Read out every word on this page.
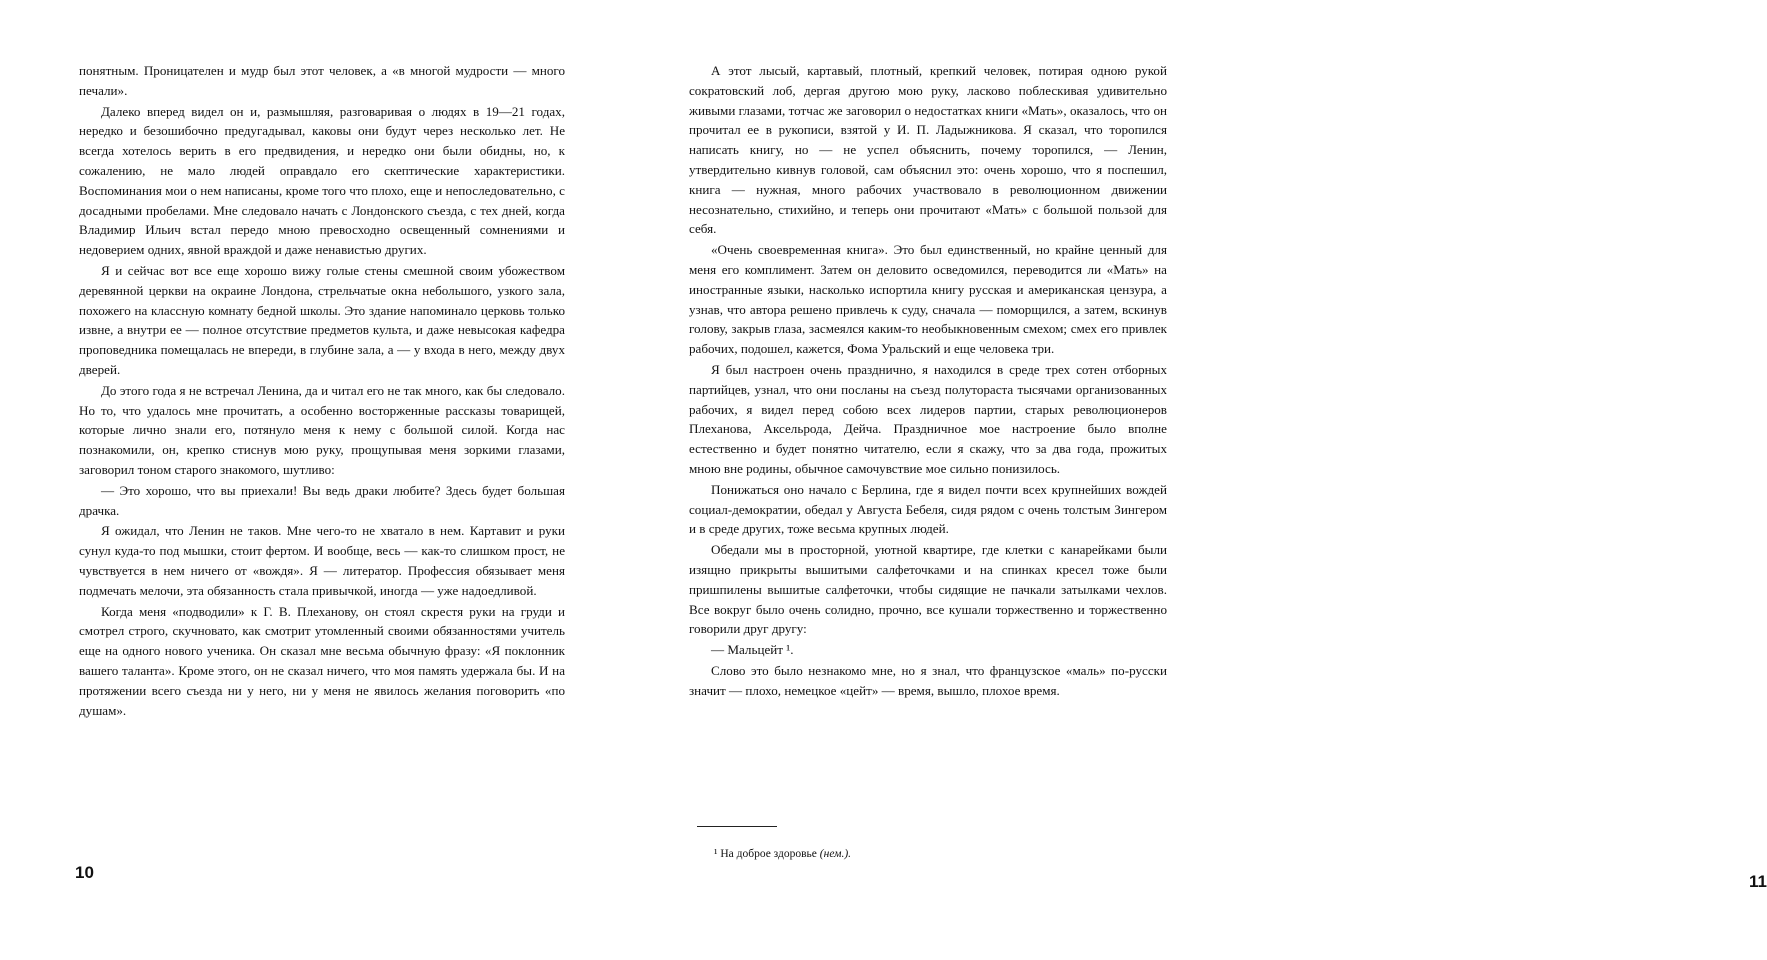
понятным. Проницателен и мудр был этот человек, а «в многой мудрости — много печали».

Далеко вперед видел он и, размышляя, разговаривая о людях в 19—21 годах, нередко и безошибочно предугадывал, каковы они будут через несколько лет. Не всегда хотелось верить в его предвидения, и нередко они были обидны, но, к сожалению, не мало людей оправдало его скептические характеристики. Воспоминания мои о нем написаны, кроме того что плохо, еще и непоследовательно, с досадными пробелами. Мне следовало начать с Лондонского съезда, с тех дней, когда Владимир Ильич встал передо мною превосходно освещенный сомнениями и недоверием одних, явной враждой и даже ненавистью других.

Я и сейчас вот все еще хорошо вижу голые стены смешной своим убожеством деревянной церкви на окраине Лондона, стрельчатые окна небольшого, узкого зала, похожего на классную комнату бедной школы. Это здание напоминало церковь только извне, а внутри ее — полное отсутствие предметов культа, и даже невысокая кафедра проповедника помещалась не впереди, в глубине зала, а — у входа в него, между двух дверей.

До этого года я не встречал Ленина, да и читал его не так много, как бы следовало. Но то, что удалось мне прочитать, а особенно восторженные рассказы товарищей, которые лично знали его, потянуло меня к нему с большой силой. Когда нас познакомили, он, крепко стиснув мою руку, прощупывая меня зоркими глазами, заговорил тоном старого знакомого, шутливо:

— Это хорошо, что вы приехали! Вы ведь драки любите? Здесь будет большая драчка.

Я ожидал, что Ленин не таков. Мне чего-то не хватало в нем. Картавит и руки сунул куда-то под мышки, стоит фертом. И вообще, весь — как-то слишком прост, не чувствуется в нем ничего от «вождя». Я — литератор. Профессия обязывает меня подмечать мелочи, эта обязанность стала привычкой, иногда — уже надоедливой.

Когда меня «подводили» к Г. В. Плеханову, он стоял скрестя руки на груди и смотрел строго, скучновато, как смотрит утомленный своими обязанностями учитель еще на одного нового ученика. Он сказал мне весьма обычную фразу: «Я поклонник вашего таланта». Кроме этого, он не сказал ничего, что моя память удержала бы. И на протяжении всего съезда ни у него, ни у меня не явилось желания поговорить «по душам».

10	11

А этот лысый, картавый, плотный, крепкий человек, потирая одною рукой сократовский лоб, дергая другою мою руку, ласково поблескивая удивительно живыми глазами, тотчас же заговорил о недостатках книги «Мать», оказалось, что он прочитал ее в рукописи, взятой у И. П. Ладыжникова. Я сказал, что торопился написать книгу, но — не успел объяснить, почему торопился, — Ленин, утвердительно кивнув головой, сам объяснил это: очень хорошо, что я поспешил, книга — нужная, много рабочих участвовало в революционном движении несознательно, стихийно, и теперь они прочитают «Мать» с большой пользой для себя.

«Очень своевременная книга». Это был единственный, но крайне ценный для меня его комплимент. Затем он деловито осведомился, переводится ли «Мать» на иностранные языки, насколько испортила книгу русская и американская цензура, а узнав, что автора решено привлечь к суду, сначала — поморщился, а затем, вскинув голову, закрыв глаза, засмеялся каким-то необыкновенным смехом; смех его привлек рабочих, подошел, кажется, Фома Уральский и еще человека три.

Я был настроен очень празднично, я находился в среде трех сотен отборных партийцев, узнал, что они посланы на съезд полутораста тысячами организованных рабочих, я видел перед собою всех лидеров партии, старых революционеров Плеханова, Аксельрода, Дейча. Праздничное мое настроение было вполне естественно и будет понятно читателю, если я скажу, что за два года, прожитых мною вне родины, обычное самочувствие мое сильно понизилось.

Понижаться оно начало с Берлина, где я видел почти всех крупнейших вождей социал-демократии, обедал у Августа Бебеля, сидя рядом с очень толстым Зингером и в среде других, тоже весьма крупных людей.

Обедали мы в просторной, уютной квартире, где клетки с канарейками были изящно прикрыты вышитыми салфеточками и на спинках кресел тоже были пришпилены вышитые салфеточки, чтобы сидящие не пачкали затылками чехлов. Все вокруг было очень солидно, прочно, все кушали торжественно и торжественно говорили друг другу:

— Мальцейт ¹.

Слово это было незнакомо мне, но я знал, что французское «маль» по-русски значит — плохо, немецкое «цейт» — время, вышло, плохое время.

¹ На доброе здоровье (нем.).
